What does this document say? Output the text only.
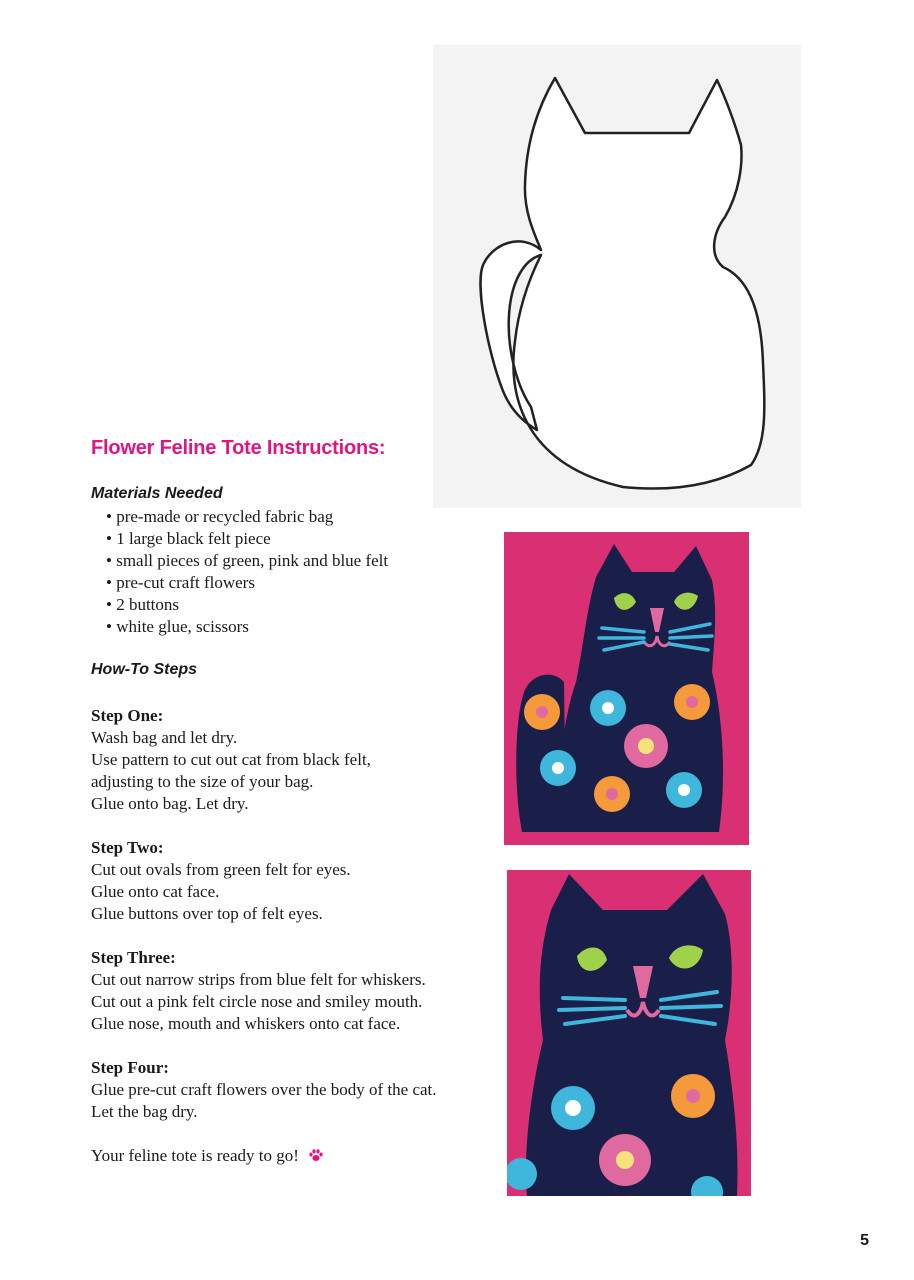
Flower Feline Tote Instructions:
Materials Needed
• pre-made or recycled fabric bag
• 1 large black felt piece
• small pieces of green, pink and blue felt
• pre-cut craft flowers
• 2 buttons
• white glue, scissors
How-To Steps
Step One:
Wash bag and let dry.
Use pattern to cut out cat from black felt,
adjusting to the size of your bag.
Glue onto bag. Let dry.
Step Two:
Cut out ovals from green felt for eyes.
Glue onto cat face.
Glue buttons over top of felt eyes.
Step Three:
Cut out narrow strips from blue felt for whiskers.
Cut out a pink felt circle nose and smiley mouth.
Glue nose, mouth and whiskers onto cat face.
Step Four:
Glue pre-cut craft flowers over the body of the cat.
Let the bag dry.
Your feline tote is ready to go!
5
